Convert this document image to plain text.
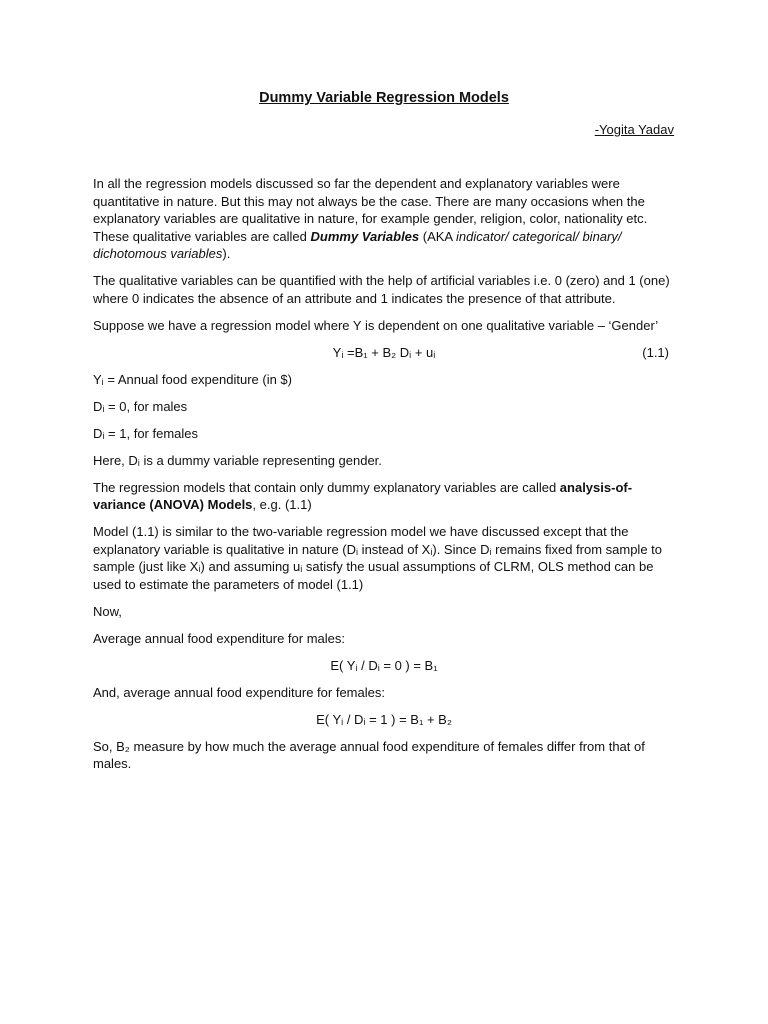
Dummy Variable Regression Models
-Yogita Yadav

In all the regression models discussed so far the dependent and explanatory variables were quantitative in nature. But this may not always be the case. There are many occasions when the explanatory variables are qualitative in nature, for example gender, religion, color, nationality etc. These qualitative variables are called Dummy Variables (AKA indicator/ categorical/ binary/ dichotomous variables).

The qualitative variables can be quantified with the help of artificial variables i.e. 0 (zero) and 1 (one) where 0 indicates the absence of an attribute and 1 indicates the presence of that attribute.

Suppose we have a regression model where Y is dependent on one qualitative variable – ‘Gender’

Yᵢ =B₁ + B₂ Dᵢ + uᵢ	(1.1)

Yᵢ = Annual food expenditure (in $)

Dᵢ = 0, for males

Dᵢ = 1, for females

Here, Dᵢ is a dummy variable representing gender.

The regression models that contain only dummy explanatory variables are called analysis-of-variance (ANOVA) Models, e.g. (1.1)

Model (1.1) is similar to the two-variable regression model we have discussed except that the explanatory variable is qualitative in nature (Dᵢ instead of Xᵢ). Since Dᵢ remains fixed from sample to sample (just like Xᵢ) and assuming uᵢ satisfy the usual assumptions of CLRM, OLS method can be used to estimate the parameters of model (1.1)

Now,

Average annual food expenditure for males:

E( Yᵢ / Dᵢ = 0 ) = B₁

And, average annual food expenditure for females:

E( Yᵢ / Dᵢ = 1 ) = B₁ + B₂

So, B₂ measure by how much the average annual food expenditure of females differ from that of males.
